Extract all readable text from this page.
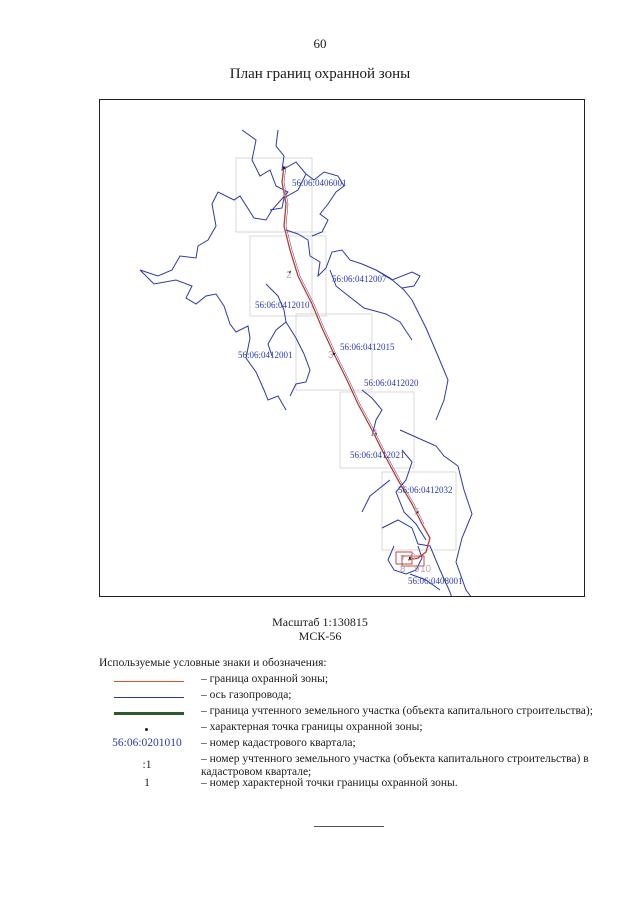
60
План границ охранной зоны
56:06:0406001
56:06:0412007
56:06:0412010
56:06:0412015
56:06:0412001
56:06:0412020
56:06:0412021
56:06:0412032
56:06:0408001
1
2
3
4
5
6
7
8 9 10
Масштаб 1:130815
МСК-56
Используемые условные знаки и обозначения:
– граница охранной зоны;
– ось газопровода;
– граница учтенного земельного участка (объекта капитального строительства);
– характерная точка границы охранной зоны;
56:06:0201010	– номер кадастрового квартала;
:1	– номер учтенного земельного участка (объекта капитального строительства) в кадастровом квартале;
1	– номер характерной точки границы охранной зоны.
